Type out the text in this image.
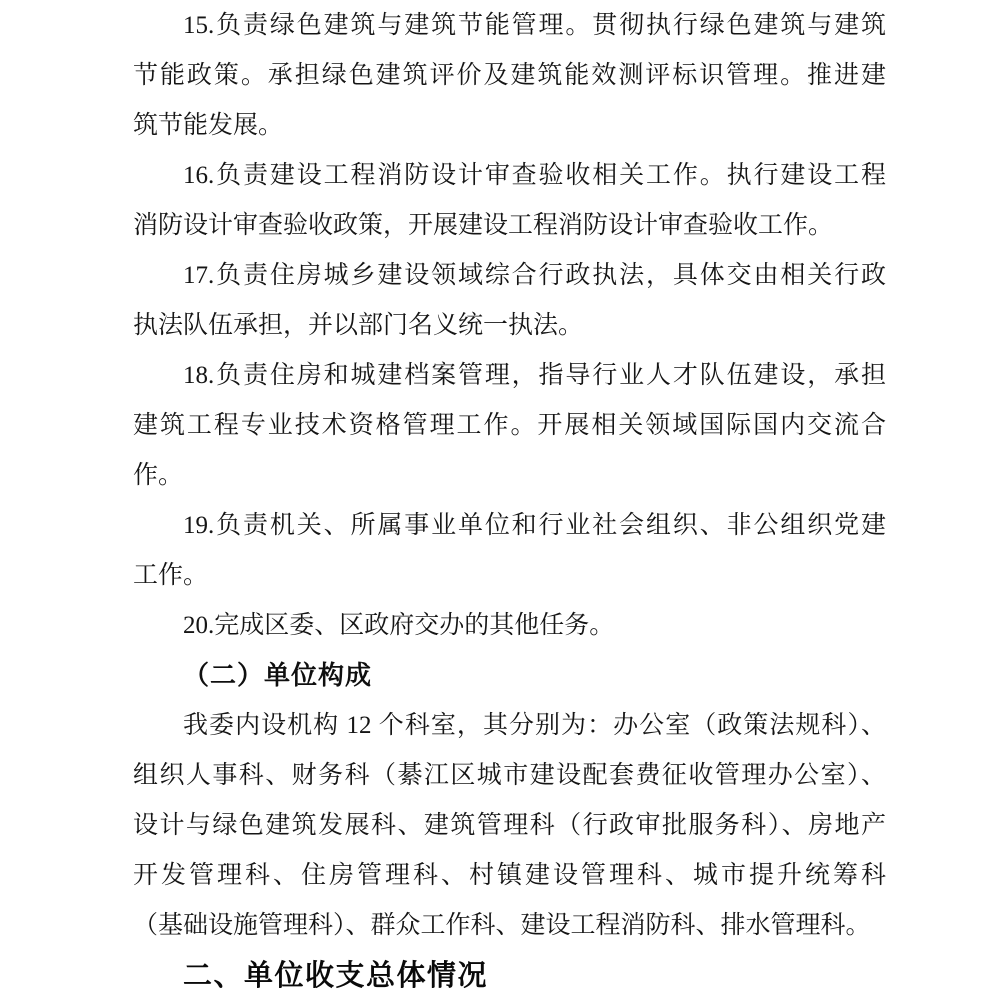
15.负责绿色建筑与建筑节能管理。贯彻执行绿色建筑与建筑
节能政策。承担绿色建筑评价及建筑能效测评标识管理。推进建
筑节能发展。
16.负责建设工程消防设计审查验收相关工作。执行建设工程
消防设计审查验收政策，开展建设工程消防设计审查验收工作。
17.负责住房城乡建设领域综合行政执法，具体交由相关行政
执法队伍承担，并以部门名义统一执法。
18.负责住房和城建档案管理，指导行业人才队伍建设，承担
建筑工程专业技术资格管理工作。开展相关领域国际国内交流合
作。
19.负责机关、所属事业单位和行业社会组织、非公组织党建
工作。
20.完成区委、区政府交办的其他任务。
（二）单位构成
我委内设机构 12 个科室，其分别为：办公室（政策法规科）、
组织人事科、财务科（綦江区城市建设配套费征收管理办公室）、
设计与绿色建筑发展科、建筑管理科（行政审批服务科）、房地产
开发管理科、住房管理科、村镇建设管理科、城市提升统筹科
（基础设施管理科）、群众工作科、建设工程消防科、排水管理科。
二、单位收支总体情况
